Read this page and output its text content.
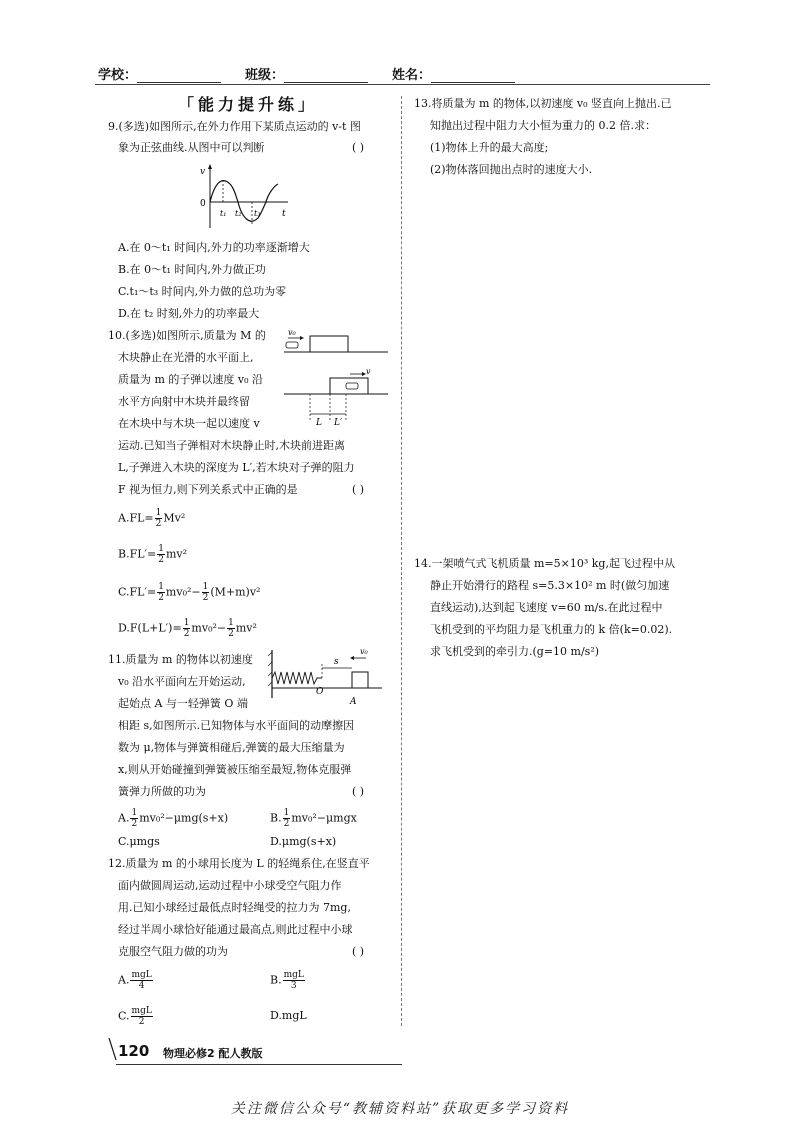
学校：	班级：	姓名：
「能力提升练」
9.(多选)如图所示,在外力作用下某质点运动的 v-t 图
象为正弦曲线.从图中可以判断	( )
v
0
t₁ t₂ t₃ t
A.在 0～t₁ 时间内,外力的功率逐渐增大
B.在 0～t₁ 时间内,外力做正功
C.t₁～t₃ 时间内,外力做的总功为零
D.在 t₂ 时刻,外力的功率最大
10.(多选)如图所示,质量为 M 的
木块静止在光滑的水平面上,
质量为 m 的子弹以速度 v₀ 沿
水平方向射中木块并最终留
在木块中与木块一起以速度 v
运动.已知当子弹相对木块静止时,木块前进距离
L,子弹进入木块的深度为 L′,若木块对子弹的阻力
F 视为恒力,则下列关系式中正确的是	( )
v₀
v
L L′
$A.FL= \frac{1}{2} Mv^2$
$B.FL'= \frac{1}{2} mv^2$
$C.FL'= \frac{1}{2} mv_0^2- \frac{1}{2} (M+m)v^2$
$D.F(L+L')= \frac{1}{2} mv_0^2- \frac{1}{2} mv^2$
11.质量为 m 的物体以初速度
v₀ 沿水平面向左开始运动,
起始点 A 与一轻弹簧 O 端
相距 s,如图所示.已知物体与水平面间的动摩擦因
数为 μ,物体与弹簧相碰后,弹簧的最大压缩量为
x,则从开始碰撞到弹簧被压缩至最短,物体克服弹
簧弹力所做的功为	( )
O
v₀
s
A
A. $\frac{1}{2} mv_0^2-\mu mg(s+x)$	B. $\frac{1}{2} mv_0^2-\mu mgx$
C.μmgs	D.μmg(s+x)
12.质量为 m 的小球用长度为 L 的轻绳系住,在竖直平
面内做圆周运动,运动过程中小球受空气阻力作
用.已知小球经过最低点时轻绳受的拉力为 7mg,
经过半周小球恰好能通过最高点,则此过程中小球
克服空气阻力做的功为	( )
A. $\frac{\text{mgL}}{4}$	B. $\frac{\text{mgL}}{3}$
C. $\frac{\text{mgL}}{2}$	D.mgL
13.将质量为 m 的物体,以初速度 v₀ 竖直向上抛出.已
知抛出过程中阻力大小恒为重力的 0.2 倍.求：
(1)物体上升的最大高度;
(2)物体落回抛出点时的速度大小.
14.一架喷气式飞机质量 m=5×10³ kg,起飞过程中从
静止开始滑行的路程 s=5.3×10² m 时(做匀加速
直线运动),达到起飞速度 v=60 m/s.在此过程中
飞机受到的平均阻力是飞机重力的 k 倍(k=0.02).
求飞机受到的牵引力.(g=10 m/s²)
120 物理必修2 配人教版
关注微信公众号“教辅资料站”获取更多学习资料
